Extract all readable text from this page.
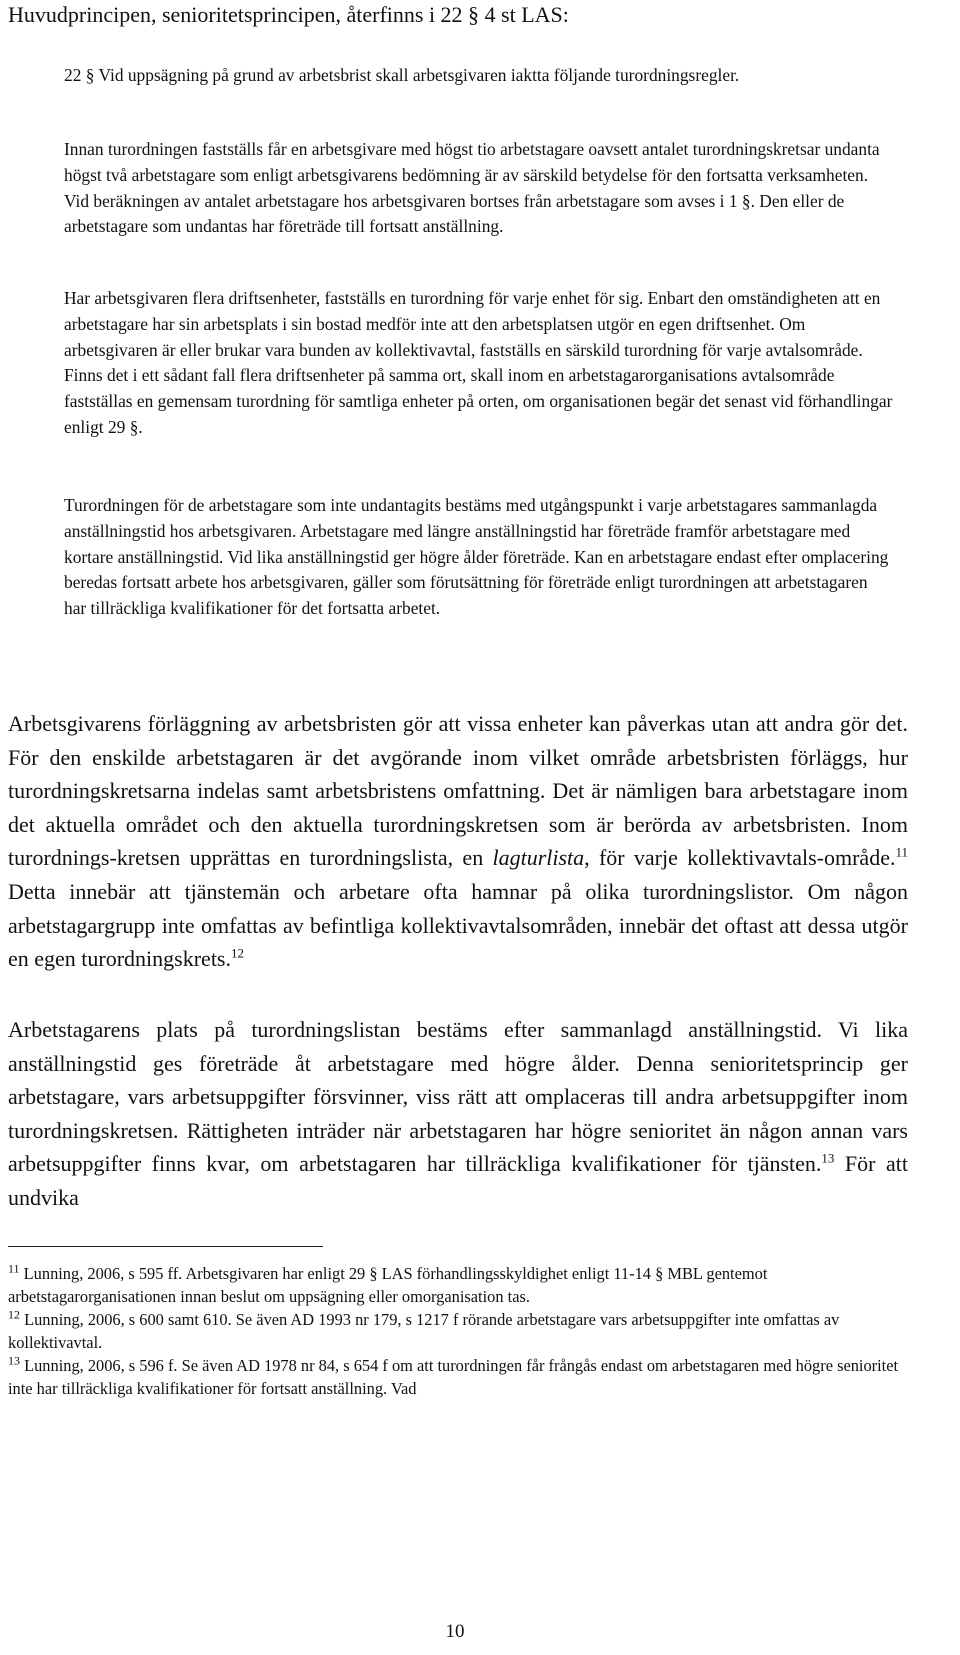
Huvudprincipen, senioritetsprincipen, återfinns i 22 § 4 st LAS:

22 § Vid uppsägning på grund av arbetsbrist skall arbetsgivaren iaktta följande turordningsregler.

Innan turordningen fastställs får en arbetsgivare med högst tio arbetstagare oavsett antalet turordningskretsar undanta högst två arbetstagare som enligt arbetsgivarens bedömning är av särskild betydelse för den fortsatta verksamheten. Vid beräkningen av antalet arbetstagare hos arbetsgivaren bortses från arbetstagare som avses i 1 §. Den eller de arbetstagare som undantas har företräde till fortsatt anställning.

Har arbetsgivaren flera driftsenheter, fastställs en turordning för varje enhet för sig. Enbart den omständigheten att en arbetstagare har sin arbetsplats i sin bostad medför inte att den arbetsplatsen utgör en egen driftsenhet. Om arbetsgivaren är eller brukar vara bunden av kollektivavtal, fastställs en särskild turordning för varje avtalsområde. Finns det i ett sådant fall flera driftsenheter på samma ort, skall inom en arbetstagarorganisations avtalsområde fastställas en gemensam turordning för samtliga enheter på orten, om organisationen begär det senast vid förhandlingar enligt 29 §.

Turordningen för de arbetstagare som inte undantagits bestäms med utgångspunkt i varje arbetstagares sammanlagda anställningstid hos arbetsgivaren. Arbetstagare med längre anställningstid har företräde framför arbetstagare med kortare anställningstid. Vid lika anställningstid ger högre ålder företräde. Kan en arbetstagare endast efter omplacering beredas fortsatt arbete hos arbetsgivaren, gäller som förutsättning för företräde enligt turordningen att arbetstagaren har tillräckliga kvalifikationer för det fortsatta arbetet.

Arbetsgivarens förläggning av arbetsbristen gör att vissa enheter kan påverkas utan att andra gör det. För den enskilde arbetstagaren är det avgörande inom vilket område arbetsbristen förläggs, hur turordningskretsarna indelas samt arbetsbristens omfattning. Det är nämligen bara arbetstagare inom det aktuella området och den aktuella turordningskretsen som är berörda av arbetsbristen. Inom turordnings-kretsen upprättas en turordningslista, en lagturlista, för varje kollektivavtals-område.$^{11}$ Detta innebär att tjänstemän och arbetare ofta hamnar på olika turordningslistor. Om någon arbetstagargrupp inte omfattas av befintliga kollektivavtalsområden, innebär det oftast att dessa utgör en egen turordningskrets.$^{12}$

Arbetstagarens plats på turordningslistan bestäms efter sammanlagd anställningstid. Vi lika anställningstid ges företräde åt arbetstagare med högre ålder. Denna senioritetsprincip ger arbetstagare, vars arbetsuppgifter försvinner, viss rätt att omplaceras till andra arbetsuppgifter inom turordningskretsen. Rättigheten inträder när arbetstagaren har högre senioritet än någon annan vars arbetsuppgifter finns kvar, om arbetstagaren har tillräckliga kvalifikationer för tjänsten.$^{13}$ För att undvika

$^{11}$ Lunning, 2006, s 595 ff. Arbetsgivaren har enligt 29 § LAS förhandlingsskyldighet enligt 11-14 § MBL gentemot arbetstagarorganisationen innan beslut om uppsägning eller omorganisation tas.

$^{12}$ Lunning, 2006, s 600 samt 610. Se även AD 1993 nr 179, s 1217 f rörande arbetstagare vars arbetsuppgifter inte omfattas av kollektivavtal.

$^{13}$ Lunning, 2006, s 596 f. Se även AD 1978 nr 84, s 654 f om att turordningen får frångås endast om arbetstagaren med högre senioritet inte har tillräckliga kvalifikationer för fortsatt anställning. Vad

10
